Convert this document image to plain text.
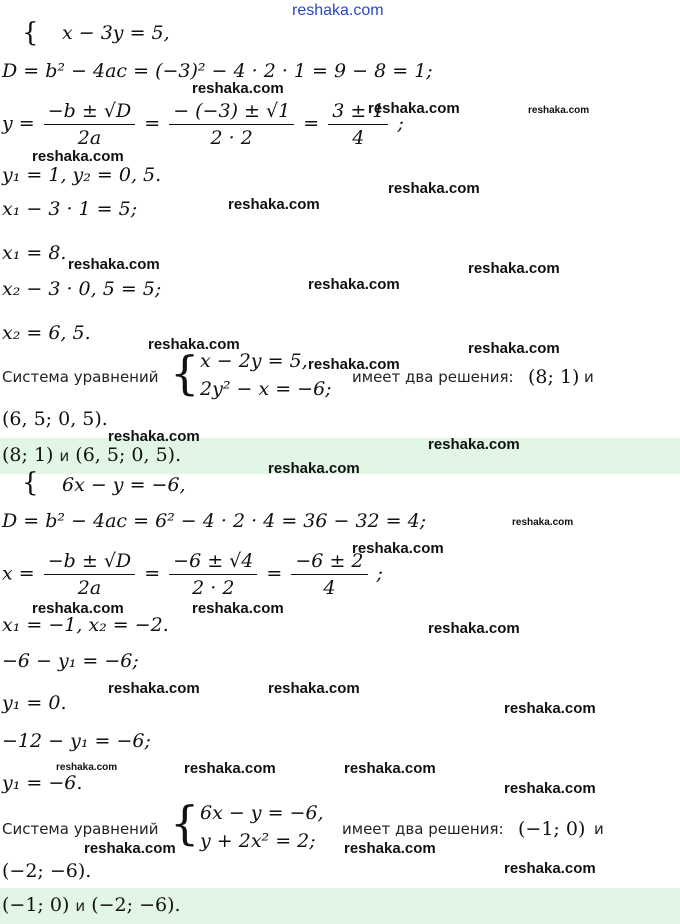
reshaka.com
{ x − 3y = 5,
D = b² − 4ac = (−3)² − 4 · 2 · 1 = 9 − 8 = 1;
$y = \frac{-b \pm √D}{2a} = \frac{- (-3) \pm √1}{2 \cdot 2} = \frac{3 \pm 1}{4}$ ;
y₁ = 1, y₂ = 0, 5.
x₁ − 3 · 1 = 5;
x₁ = 8.
x₂ − 3 · 0, 5 = 5;
x₂ = 6, 5.
Система уравнений { x − 2y = 5,
2y² − x = −6;
имеет два решения: (8; 1) и
(6, 5; 0, 5).
(8; 1) и (6, 5; 0, 5).
{ 6x − y = −6,
D = b² − 4ac = 6² − 4 · 2 · 4 = 36 − 32 = 4;
$x = \frac{-b \pm √D}{2a} = \frac{-6 \pm √4}{2 \cdot 2} = \frac{-6 \pm 2}{4}$ ;
x₁ = −1, x₂ = −2.
−6 − y₁ = −6;
y₁ = 0.
−12 − y₁ = −6;
y₁ = −6.
Система уравнений { 6x − y = −6,
y + 2x² = 2;
имеет два решения: (−1; 0) и
(−2; −6).
(−1; 0) и (−2; −6).
reshaka.com
reshaka.com	reshaka.com
reshaka.com
reshaka.com
reshaka.com
reshaka.com	reshaka.com
reshaka.com
reshaka.com	reshaka.com
reshaka.com
reshaka.com	reshaka.com
reshaka.com
reshaka.com
reshaka.com
reshaka.com	reshaka.com
reshaka.com
reshaka.com	reshaka.com
reshaka.com
reshaka.com	reshaka.com	reshaka.com
reshaka.com
reshaka.com	reshaka.com
reshaka.com
